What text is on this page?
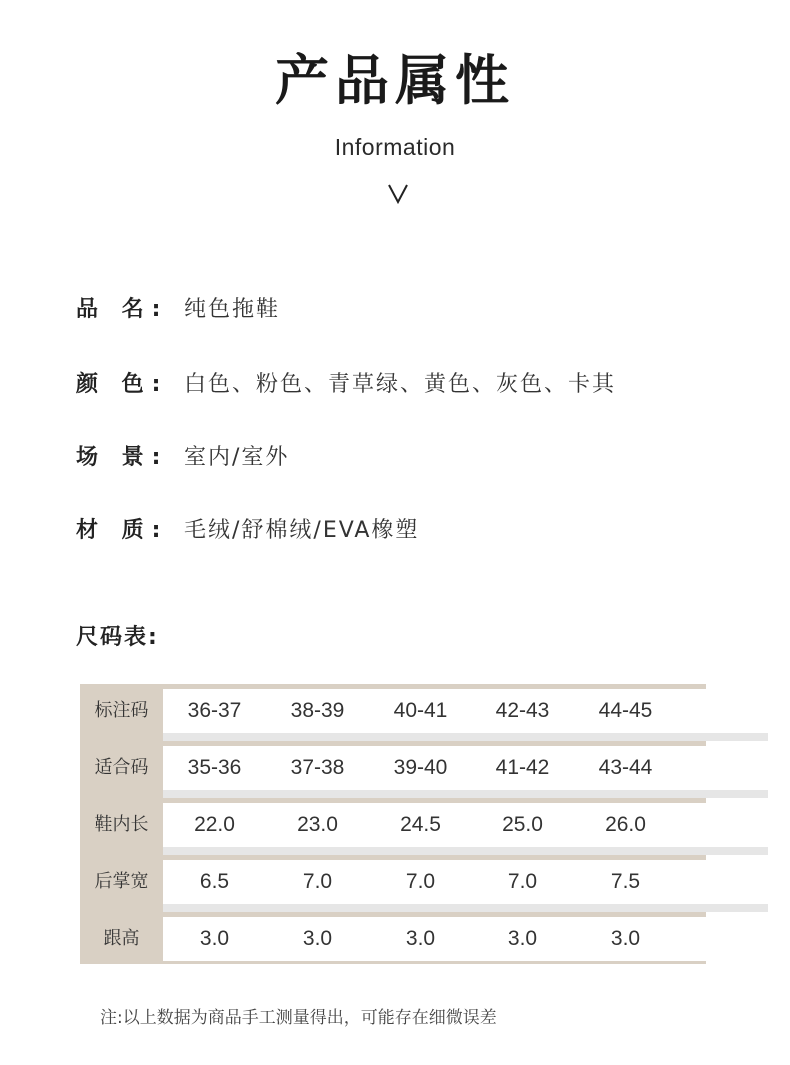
产品属性
Information
品 名: 纯色拖鞋
颜 色: 白色、粉色、青草绿、黄色、灰色、卡其
场 景: 室内/室外
材 质: 毛绒/舒棉绒/EVA橡塑
尺码表:
标注码	36-37	38-39	40-41	42-43	44-45
适合码	35-36	37-38	39-40	41-42	43-44
鞋内长	22.0	23.0	24.5	25.0	26.0
后掌宽	6.5	7.0	7.0	7.0	7.5
跟高	3.0	3.0	3.0	3.0	3.0
注:以上数据为商品手工测量得出，可能存在细微误差
